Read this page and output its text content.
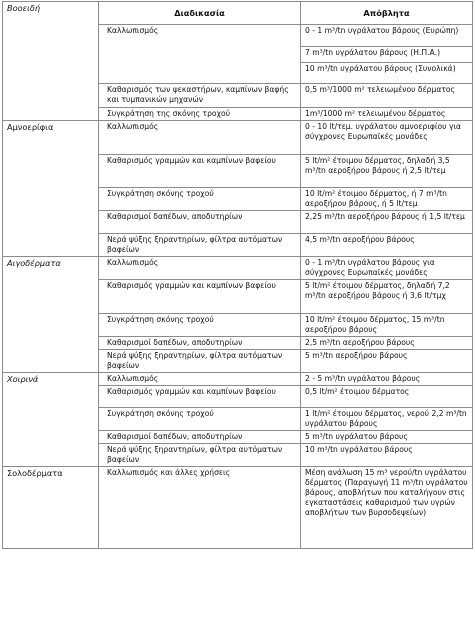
Βοοειδή	Διαδικασία	Απόβλητα
	Καλλωπισμός	0 - 1 m³/tn υγράλατου βάρους (Ευρώπη)
		7 m³/tn υγράλατου βάρους (Η.Π.Α.)
		10 m³/tn υγράλατου βάρους (Συνολικά)
	Καθαρισμός των ψεκαστήρων, καμπίνων βαφής και τυμπανικών μηχανών	0,5 m³/1000 m² τελειωμένου δέρματος
	Συγκράτηση της σκόνης τροχού	1m³/1000 m² τελειωμένου δέρματος
Αμνοερίφια	Καλλωπισμός	0 - 10 lt/τεμ. υγράλατου αμνοεριφίου για σύγχρονες Ευρωπαϊκές μονάδες
	Καθαρισμός γραμμών και καμπίνων βαφείου	5 lt/m² έτοιμου δέρματος, δηλαδή 3,5 m³/tn αεροξήρου βάρους ή 2,5 lt/τεμ
	Συγκράτηση σκόνης τροχού	10 lt/m² έτοιμου δέρματος, ή 7 m³/tn αεροξήρου βάρους, ή 5 lt/τεμ
	Καθαρισμοί δαπέδων, αποδυτηρίων	2,25 m³/tn αεροξήρου βάρους ή 1,5 lt/τεμ
	Νερά ψύξης ξηραντηρίων, φίλτρα αυτόματων βαφείων	4,5 m³/tn αεροξήρου βάρους
Αιγοδέρματα	Καλλωπισμός	0 - 1 m³/tn υγράλατου βάρους για σύγχρονες Ευρωπαϊκές μονάδες
	Καθαρισμός γραμμών και καμπίνων βαφείου	5 lt/m² έτοιμου δέρματος, δηλαδή 7,2 m³/tn αεροξήρου βάρους ή 3,6 lt/τμχ
	Συγκράτηση σκόνης τροχού	10 lt/m² έτοιμου δέρματος, 15 m³/tn αεροξήρου βάρους
	Καθαρισμοί δαπέδων, αποδυτηρίων	2,5 m³/tn αεροξήρου βάρους
	Νερά ψύξης ξηραντηρίων, φίλτρα αυτόματων βαφείων	5 m³/tn αεροξήρου βάρους
Χοιρινά	Καλλωπισμός	2 - 5 m³/tn υγράλατου βάρους
	Καθαρισμός γραμμών και καμπίνων βαφείου	0,5 lt/m² έτοιμου δέρματος
	Συγκράτηση σκόνης τροχού	1 lt/m² έτοιμου δέρματος, νερού 2,2 m³/tn υγράλατου βάρους
	Καθαρισμοί δαπέδων, αποδυτηρίων	5 m³/tn υγράλατου βάρους
	Νερά ψύξης ξηραντηρίων, φίλτρα αυτόματων βαφείων	10 m³/tn υγράλατου βάρους
Σολοδέρματα	Καλλωπισμός και άλλες χρήσεις	Μέση ανάλωση 15 m³ νερού/tn υγράλατου δέρματος (Παραγωγή 11 m³/tn υγράλατου βάρους, αποβλήτων που καταλήγουν στις εγκαταστάσεις καθαρισμού των υγρών αποβλήτων των βυρσοδεψείων)
